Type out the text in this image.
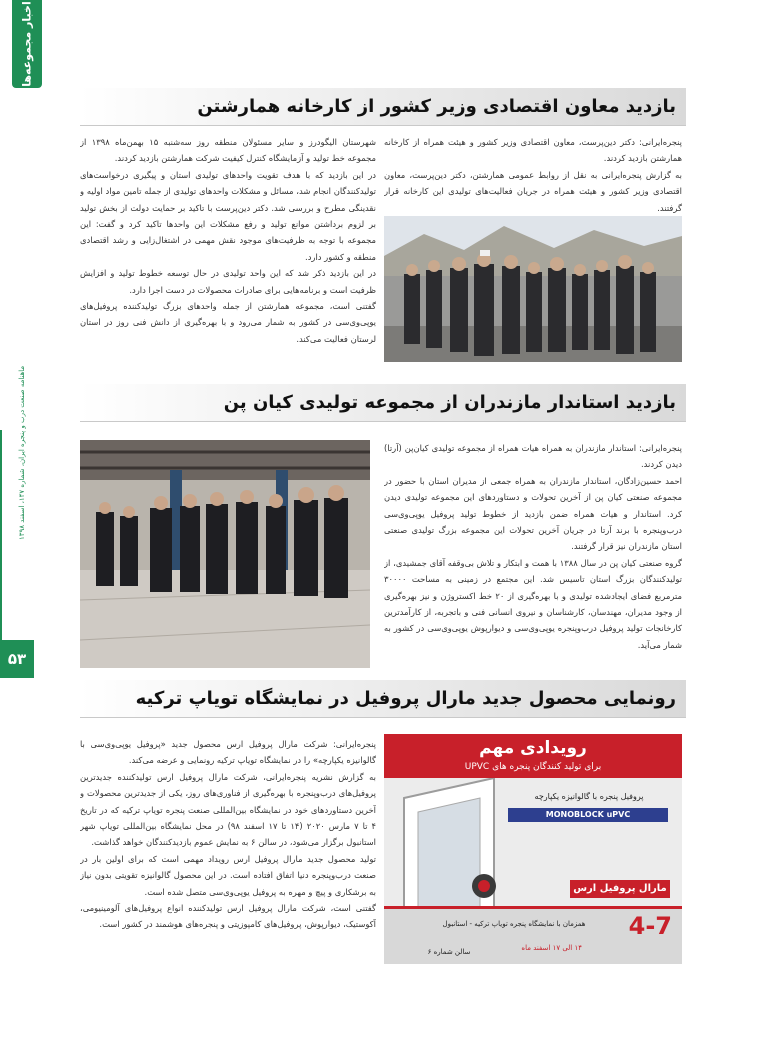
اخبار مجموعه‌ها
ماهنامه صنعت درب و پنجره ایران، شماره ۱۴۷، اسفند ۱۳۹۸
۵۳
بازدید معاون اقتصادی وزیر کشور از کارخانه همارشتن

پنجره‌ایرانی: دکتر دین‌پرست، معاون اقتصادی وزیر کشور و هیئت همراه از کارخانه همارشتن بازدید کردند.

به گزارش پنجره‌ایرانی به نقل از روابط عمومی همارشتن، دکتر دین‌پرست، معاون اقتصادی وزیر کشور و هیئت همراه در جریان فعالیت‌های تولیدی این کارخانه قرار گرفتند.

شهرستان الیگودرز و سایر مسئولان منطقه روز سه‌شنبه ۱۵ بهمن‌ماه ۱۳۹۸ از مجموعه خط تولید و آزمایشگاه کنترل کیفیت شرکت همارشتن بازدید کردند.

در این بازدید که با هدف تقویت واحدهای تولیدی استان و پیگیری درخواست‌های تولیدکنندگان انجام شد، مسائل و مشکلات واحدهای تولیدی از جمله تامین مواد اولیه و نقدینگی مطرح و بررسی شد. دکتر دین‌پرست با تاکید بر حمایت دولت از بخش تولید بر لزوم برداشتن موانع تولید و رفع مشکلات این واحدها تاکید کرد و گفت: این مجموعه با توجه به ظرفیت‌های موجود نقش مهمی در اشتغال‌زایی و رشد اقتصادی منطقه و کشور دارد.

در این بازدید ذکر شد که این واحد تولیدی در حال توسعه خطوط تولید و افزایش ظرفیت است و برنامه‌هایی برای صادرات محصولات در دست اجرا دارد.

گفتنی است، مجموعه همارشتن از جمله واحدهای بزرگ تولیدکننده پروفیل‌های یو‌پی‌وی‌سی در کشور به شمار می‌رود و با بهره‌گیری از دانش فنی روز در استان لرستان فعالیت می‌کند.

بازدید استاندار مازندران از مجموعه تولیدی کیان پن

پنجره‌ایرانی: استاندار مازندران به همراه هیات همراه از مجموعه تولیدی کیان‌پن (آرتا) دیدن کردند.

احمد حسین‌زادگان، استاندار مازندران به همراه جمعی از مدیران استان با حضور در مجموعه صنعتی کیان پن از آخرین تحولات و دستاوردهای این مجموعه تولیدی دیدن کرد. استاندار و هیات همراه ضمن بازدید از خطوط تولید پروفیل یو‌پی‌وی‌سی درب‌وپنجره با برند آرتا در جریان آخرین تحولات این مجموعه بزرگ تولیدی صنعتی استان مازندران نیز قرار گرفتند.

گروه صنعتی کیان پن در سال ۱۳۸۸ با همت و ابتکار و تلاش بی‌وقفه آقای جمشیدی، از تولیدکنندگان بزرگ استان تاسیس شد. این مجتمع در زمینی به مساحت ۳۰۰۰۰ مترمربع فضای ایجادشده تولیدی و با بهره‌گیری از ۲۰ خط اکستروژن و نیز بهره‌گیری از وجود مدیران، مهندسان، کارشناسان و نیروی انسانی فنی و باتجربه، از کارآمدترین کارخانجات تولید پروفیل درب‌وپنجره یو‌پی‌وی‌سی و دیوارپوش یو‌پی‌وی‌سی در کشور به شمار می‌آید.

رونمایی محصول جدید مارال پروفیل در نمایشگاه تویاپ ترکیه

پنجره‌ایرانی: شرکت مارال پروفیل ارس محصول جدید «پروفیل یو‌پی‌وی‌سی با گالوانیزه یکپارچه» را در نمایشگاه تویاپ ترکیه رونمایی و عرضه می‌کند.

به گزارش نشریه پنجره‌ایرانی، شرکت مارال پروفیل ارس تولیدکننده جدیدترین پروفیل‌های درب‌وپنجره با بهره‌گیری از فناوری‌های روز، یکی از جدیدترین محصولات و آخرین دستاوردهای خود در نمایشگاه بین‌المللی صنعت پنجره تویاپ ترکیه که در تاریخ ۴ تا ۷ مارس ۲۰۲۰ (۱۴ تا ۱۷ اسفند ۹۸) در محل نمایشگاه بین‌المللی تویاپ شهر استانبول برگزار می‌شود، در سالن ۶ به نمایش عموم بازدیدکنندگان خواهد گذاشت.

تولید محصول جدید مارال پروفیل ارس رویداد مهمی است که برای اولین بار در صنعت درب‌وپنجره دنیا اتفاق افتاده است. در این محصول گالوانیزه تقویتی بدون نیاز به برشکاری و پیچ‌ و مهره به پروفیل یو‌پی‌وی‌سی متصل شده است.

گفتنی است، شرکت مارال پروفیل ارس تولیدکننده انواع پروفیل‌های آلومینیومی، آکوستیک، دیوارپوش، پروفیل‌های کامپوزیتی و پنجره‌های هوشمند در کشور است.

رویدادی مهم
برای تولید کنندگان پنجره های UPVC
پروفیل پنجره با گالوانیزه یکپارچه
MONOBLOCK uPVC
مارال پروفیل ارس
4-7
همزمان با نمایشگاه پنجره تویاپ ترکیه - استانبول
۱۴ الی ۱۷ اسفند ماه
سالن شماره ۶
